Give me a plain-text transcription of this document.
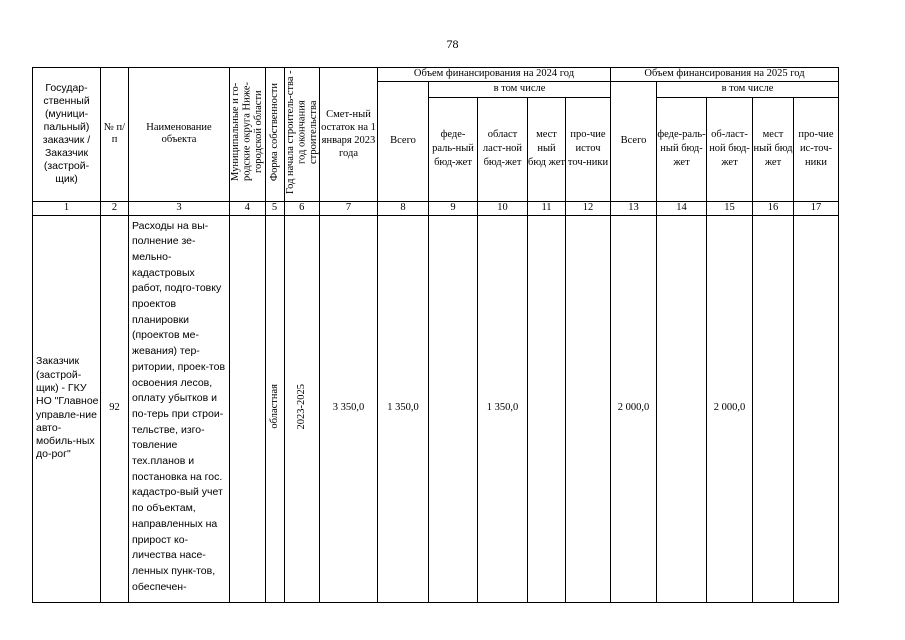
78
Государ-ственный (муници-пальный) заказчик / Заказчик (застрой-щик)	№ п/ п	Наименование объекта	Муниципальные и го-родские округа Ниже-городской области	Форма собственности	Год начала строитель-ства - год окончания строительства	Смет-ный остаток на 1 января 2023 года	Объем финансирования на 2024 год					Объем финансирования на 2025 год				
							Всего	в том числе				Всего	в том числе			
								феде-раль-ный бюд-жет	област ласт-ной бюд-жет	мест ный бюд жет	про-чие источ точ-ники		феде-раль-ный бюд-жет	об-ласт-ной бюд-жет	мест ный бюд жет	про-чие ис-точ-ники
1	2	3	4	5	6	7	8	9	10	11	12	13	14	15	16	17
Заказчик (застрой-щик) - ГКУ НО "Главное управле-ние авто-мобиль-ных до-рог"	92	Расходы на вы-полнение зе-мельно-кадастровых работ, подго-товку проектов планировки (проектов ме-жевания) тер-ритории, проек-тов освоения лесов, оплату убытков и по-терь при строи-тельстве, изго-товление тех.планов и постановка на гос. кадастро-вый учет по объектам, направленных на прирост ко-личества насе-ленных пунк-тов, обеспечен-		областная	2023-2025	3 350,0	1 350,0		1 350,0			2 000,0		2 000,0		
